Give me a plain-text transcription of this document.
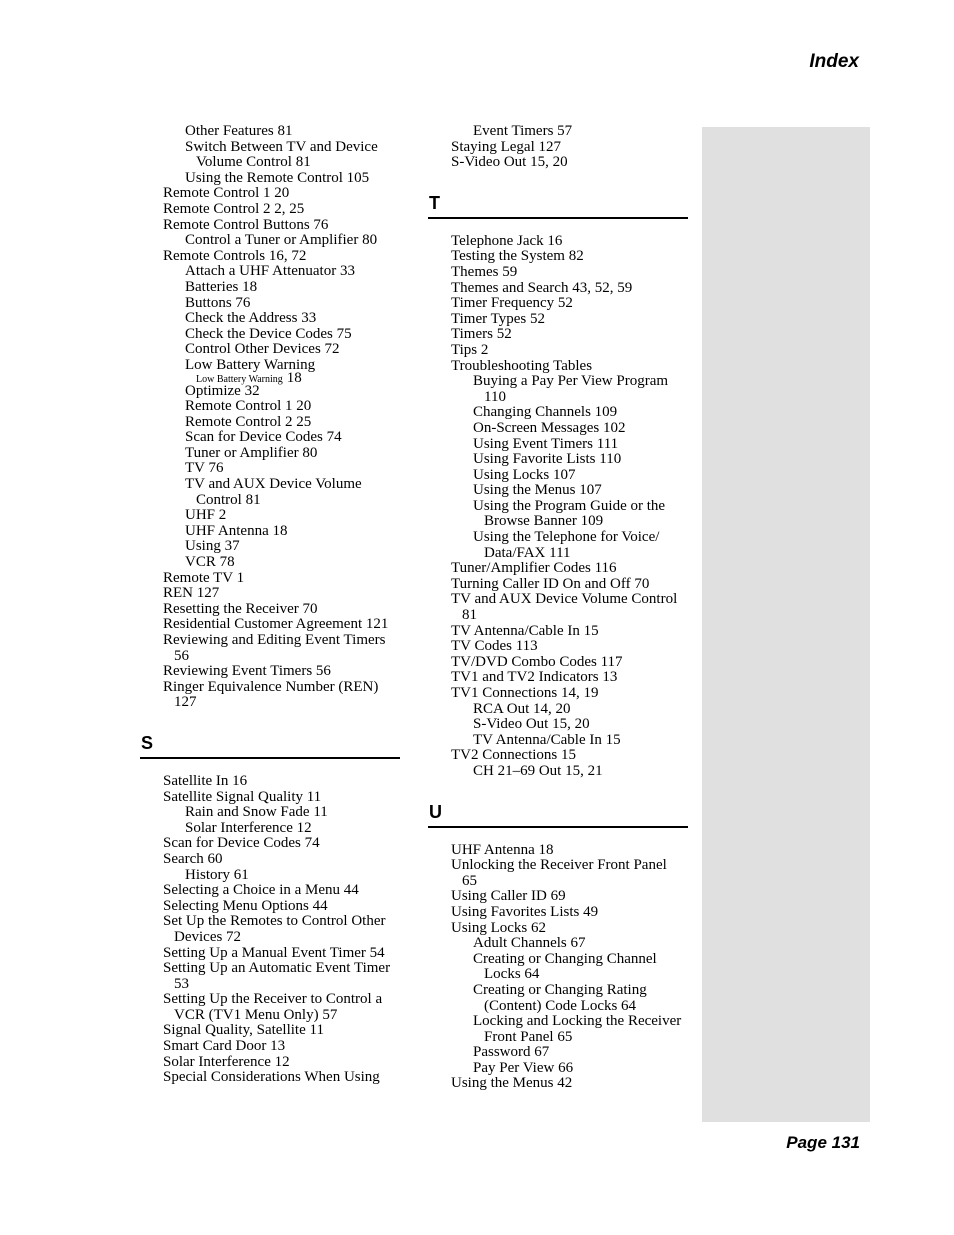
Index
Other Features 81
Switch Between TV and Device
Volume Control 81
Using the Remote Control 105
Remote Control 1 20
Remote Control 2 2, 25
Remote Control Buttons 76
Control a Tuner or Amplifier 80
Remote Controls 16, 72
Attach a UHF Attenuator 33
Batteries 18
Buttons 76
Check the Address 33
Check the Device Codes 75
Control Other Devices 72
Low Battery Warning
Low Battery Warning 18
Optimize 32
Remote Control 1 20
Remote Control 2 25
Scan for Device Codes 74
Tuner or Amplifier 80
TV 76
TV and AUX Device Volume
Control 81
UHF 2
UHF Antenna 18
Using 37
VCR 78
Remote TV 1
REN 127
Resetting the Receiver 70
Residential Customer Agreement 121
Reviewing and Editing Event Timers
56
Reviewing Event Timers 56
Ringer Equivalence Number (REN)
127
S
Satellite In 16
Satellite Signal Quality 11
Rain and Snow Fade 11
Solar Interference 12
Scan for Device Codes 74
Search 60
History 61
Selecting a Choice in a Menu 44
Selecting Menu Options 44
Set Up the Remotes to Control Other
Devices 72
Setting Up a Manual Event Timer 54
Setting Up an Automatic Event Timer
53
Setting Up the Receiver to Control a
VCR (TV1 Menu Only) 57
Signal Quality, Satellite 11
Smart Card Door 13
Solar Interference 12
Special Considerations When Using
Event Timers 57
Staying Legal 127
S-Video Out 15, 20
T
Telephone Jack 16
Testing the System 82
Themes 59
Themes and Search 43, 52, 59
Timer Frequency 52
Timer Types 52
Timers 52
Tips 2
Troubleshooting Tables
Buying a Pay Per View Program
110
Changing Channels 109
On-Screen Messages 102
Using Event Timers 111
Using Favorite Lists 110
Using Locks 107
Using the Menus 107
Using the Program Guide or the
Browse Banner 109
Using the Telephone for Voice/
Data/FAX 111
Tuner/Amplifier Codes 116
Turning Caller ID On and Off 70
TV and AUX Device Volume Control
81
TV Antenna/Cable In 15
TV Codes 113
TV/DVD Combo Codes 117
TV1 and TV2 Indicators 13
TV1 Connections 14, 19
RCA Out 14, 20
S-Video Out 15, 20
TV Antenna/Cable In 15
TV2 Connections 15
CH 21–69 Out 15, 21
U
UHF Antenna 18
Unlocking the Receiver Front Panel
65
Using Caller ID 69
Using Favorites Lists 49
Using Locks 62
Adult Channels 67
Creating or Changing Channel
Locks 64
Creating or Changing Rating
(Content) Code Locks 64
Locking and Locking the Receiver
Front Panel 65
Password 67
Pay Per View 66
Using the Menus 42
Page 131
